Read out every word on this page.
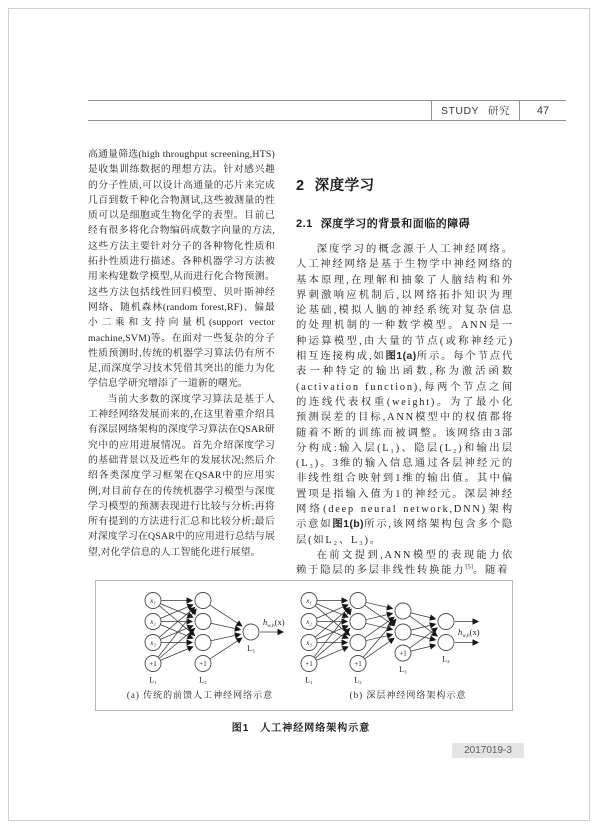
STUDY 研究	47

高通量筛选(high throughput screening,HTS)是收集训练数据的理想方法。针对感兴趣的分子性质,可以设计高通量的芯片来完成几百到数千种化合物测试,这些被测量的性质可以是细胞或生物化学的表型。目前已经有很多将化合物编码成数字向量的方法,这些方法主要针对分子的各种物化性质和拓扑性质进行描述。各种机器学习方法被用来构建数学模型,从而进行化合物预测。这些方法包括线性回归模型、贝叶斯神经网络、随机森林(random forest,RF)、偏最小二乘和支持向量机(support vector machine,SVM)等。在面对一些复杂的分子性质预测时,传统的机器学习算法仍有所不足,而深度学习技术凭借其突出的能力为化学信息学研究增添了一道新的曙光。

当前大多数的深度学习算法是基于人工神经网络发展而来的,在这里着重介绍具有深层网络架构的深度学习算法在QSAR研究中的应用进展情况。首先介绍深度学习的基础背景以及近些年的发展状况;然后介绍各类深度学习框架在QSAR中的应用实例,对目前存在的传统机器学习模型与深度学习模型的预测表现进行比较与分析;再将所有提到的方法进行汇总和比较分析;最后对深度学习在QSAR中的应用进行总结与展望,对化学信息的人工智能化进行展望。

2 深度学习
2.1 深度学习的背景和面临的障碍

深度学习的概念源于人工神经网络。人工神经网络是基于生物学中神经网络的基本原理,在理解和抽象了人脑结构和外界刺激响应机制后,以网络拓扑知识为理论基础,模拟人脑的神经系统对复杂信息的处理机制的一种数学模型。ANN是一种运算模型,由大量的节点(或称神经元)相互连接构成,如图1(a)所示。每个节点代表一种特定的输出函数,称为激活函数(activation function),每两个节点之间的连线代表权重(weight)。为了最小化预测误差的目标,ANN模型中的权值都将随着不断的训练而被调整。该网络由3部分构成:输入层(L₁)、隐层(L₂)和输出层(L₃)。3维的输入信息通过各层神经元的非线性组合映射到1维的输出值。其中偏置项是指输入值为1的神经元。深层神经网络(deep neural network,DNN)架构示意如图1(b)所示,该网络架构包含多个隐层(如L₂、L₃)。

在前文提到,ANN模型的表现能力依赖于隐层的多层非线性转换能力[5]。随着

x₁
x₂
x₃
+1
L₁
+1
L₂
L₃
$h_{w,b}(x)$
x₁
x₂
x₃
+1
L₁
+1
L₂
+1
L₃
L₄
$h_{w,b}(x)$
(a) 传统的前馈人工神经网络示意	(b) 深层神经网络架构示意
图1　人工神经网络架构示意
2017019-3
